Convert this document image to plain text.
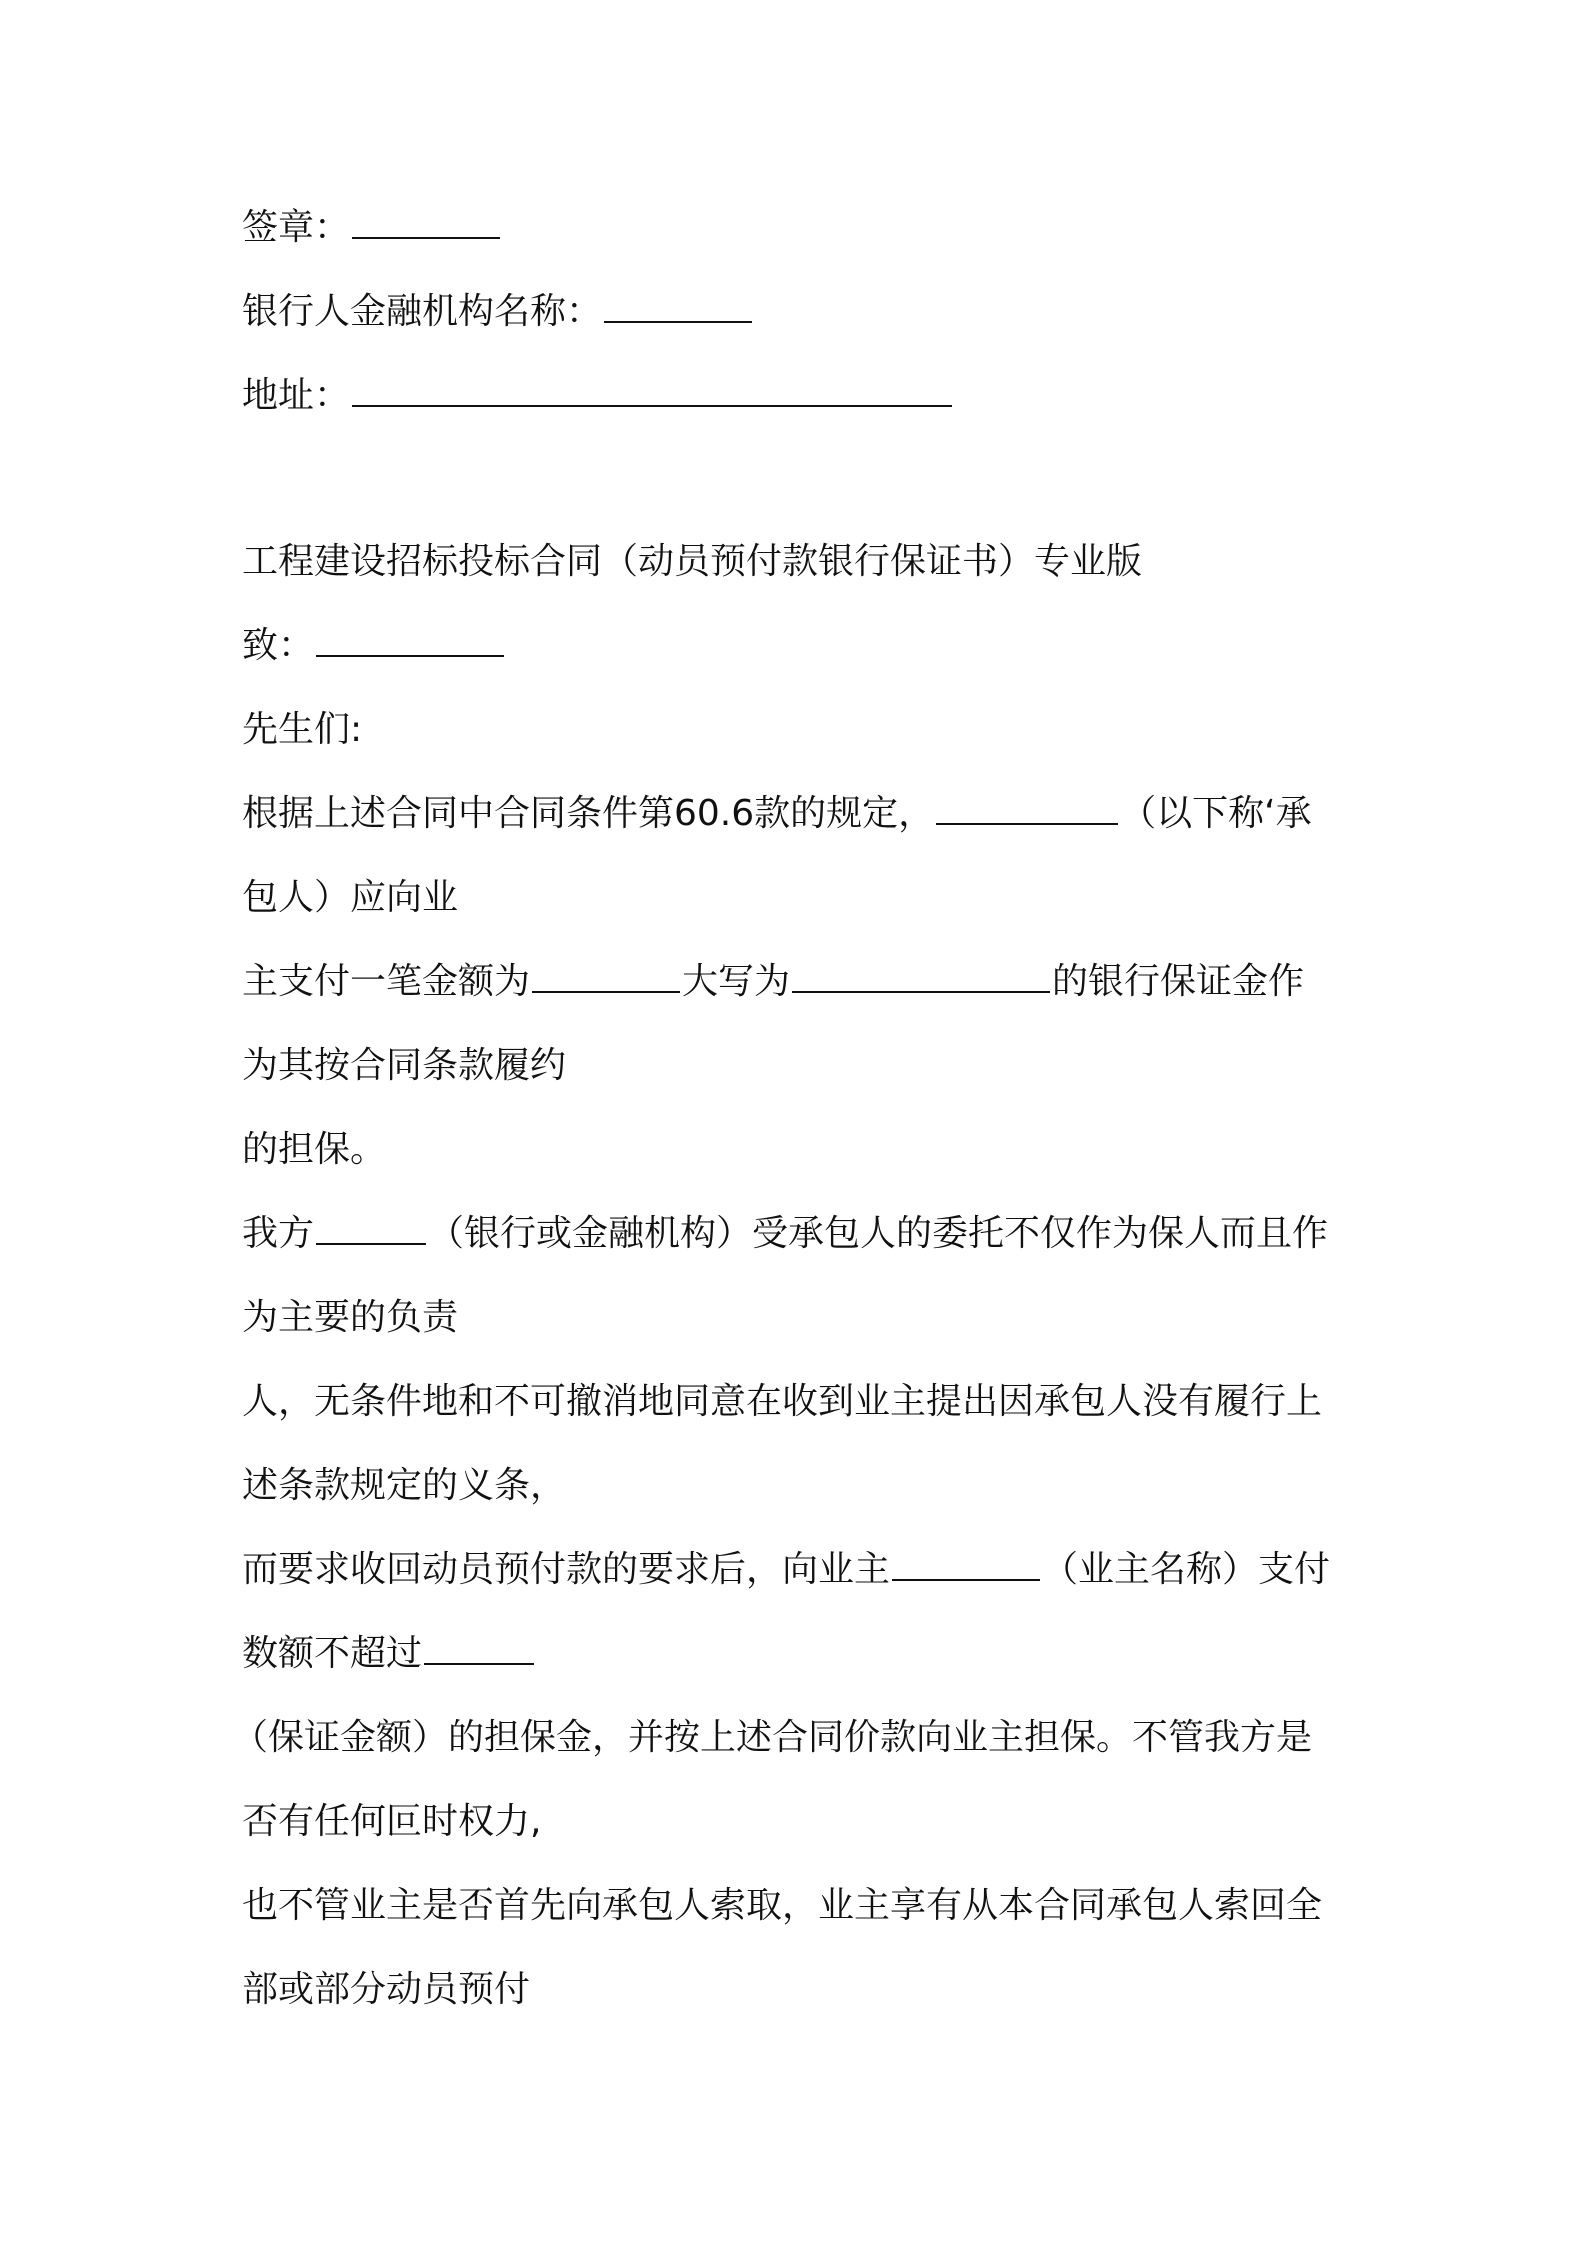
签章：
银行人金融机构名称：
地址：
工程建设招标投标合同（动员预付款银行保证书）专业版
致：
先生们:
根据上述合同中合同条件第60.6款的规定，	（以下称‘承
包人）应向业
主支付一笔金额为	大写为	的银行保证金作
为其按合同条款履约
的担保。
我方	（银行或金融机构）受承包人的委托不仅作为保人而且作
为主要的负责
人，无条件地和不可撤消地同意在收到业主提出因承包人没有履行上
述条款规定的义条，
而要求收回动员预付款的要求后，向业主	（业主名称）支付
数额不超过
（保证金额）的担保金，并按上述合同价款向业主担保。不管我方是
否有任何叵时权力,
也不管业主是否首先向承包人索取，业主享有从本合同承包人索回全
部或部分动员预付
